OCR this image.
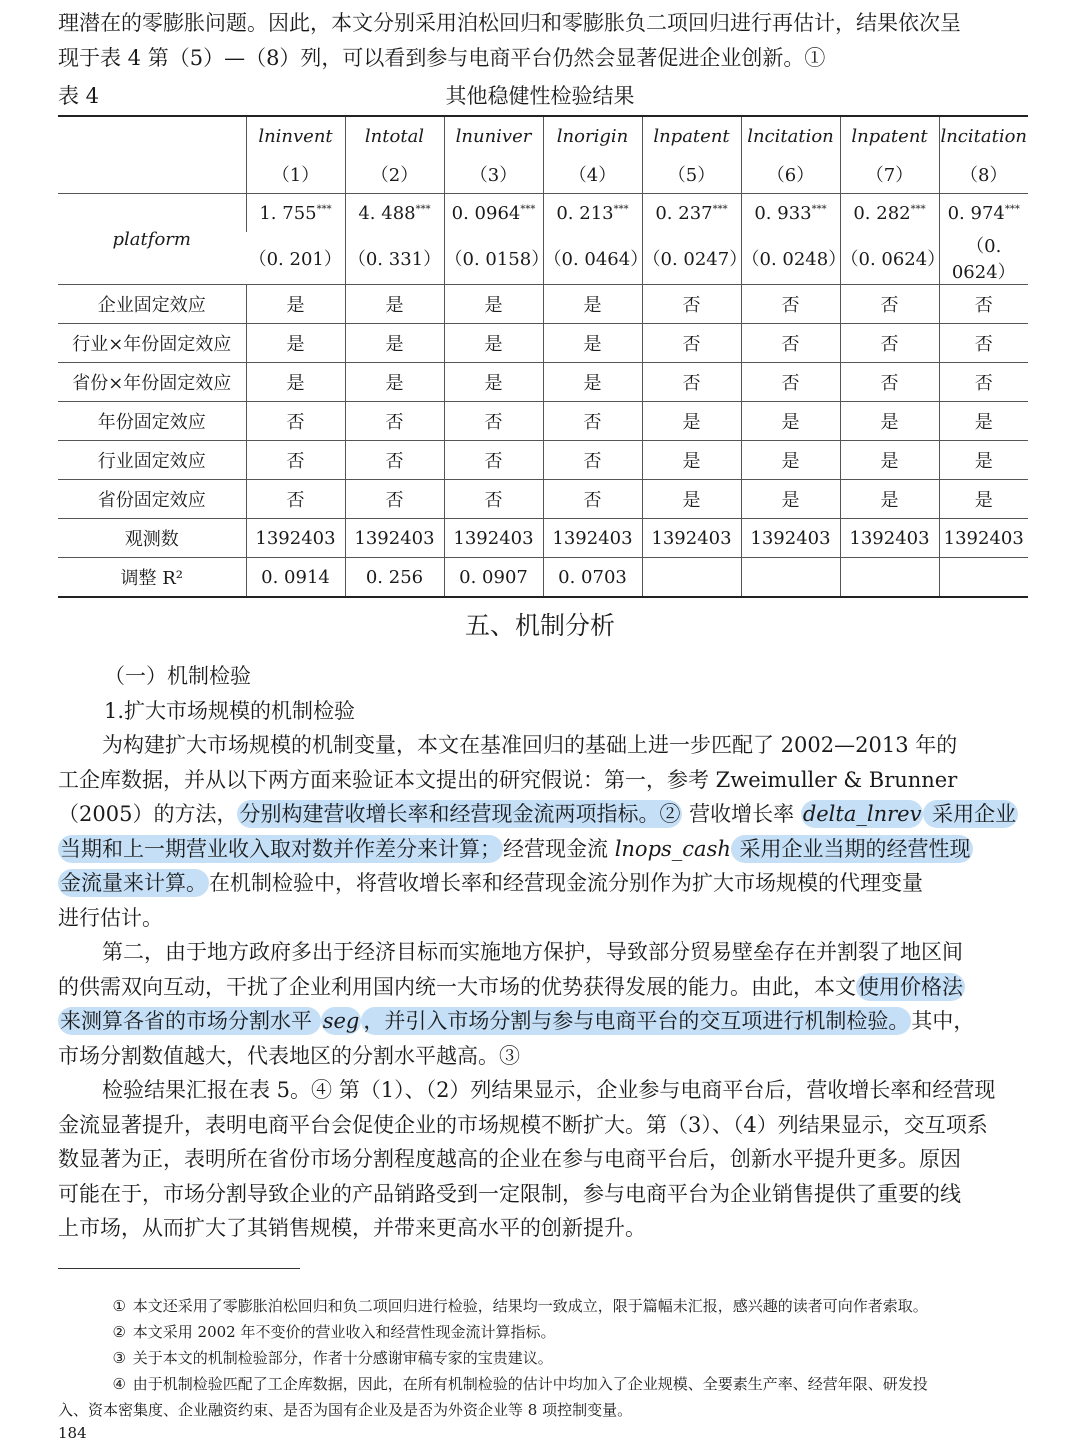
理潜在的零膨胀问题。因此，本文分别采用泊松回归和零膨胀负二项回归进行再估计，结果依次呈
现于表 4 第（5）—（8）列，可以看到参与电商平台仍然会显著促进企业创新。①

表 4	其他稳健性检验结果
	lninvent	lntotal	lnuniver	lnorigin	lnpatent	lncitation	lnpatent	lncitation
	（1）	（2）	（3）	（4）	（5）	（6）	（7）	（8）
platform	1. 755***	4. 488***	0. 0964***	0. 213***	0. 237***	0. 933***	0. 282***	0. 974***
	（0. 201）	（0. 331）	（0. 0158）	（0. 0464）	（0. 0247）	（0. 0248）	（0. 0624）	（0. 0624）
企业固定效应	是	是	是	是	否	否	否	否
行业×年份固定效应	是	是	是	是	否	否	否	否
省份×年份固定效应	是	是	是	是	否	否	否	否
年份固定效应	否	否	否	否	是	是	是	是
行业固定效应	否	否	否	否	是	是	是	是
省份固定效应	否	否	否	否	是	是	是	是
观测数	1392403	1392403	1392403	1392403	1392403	1392403	1392403	1392403
调整 R²	0. 0914	0. 256	0. 0907	0. 0703				
五、机制分析
（一）机制检验
1.扩大市场规模的机制检验

为构建扩大市场规模的机制变量，本文在基准回归的基础上进一步匹配了 2002—2013 年的
工企库数据，并从以下两方面来验证本文提出的研究假说：第一，参考 Zweimuller & Brunner
（2005）的方法，分别构建营收增长率和经营现金流两项指标。② 营收增长率 delta_lnrev 采用企业
当期和上一期营业收入取对数并作差分来计算；经营现金流 lnops_cash 采用企业当期的经营性现
金流量来计算。在机制检验中，将营收增长率和经营现金流分别作为扩大市场规模的代理变量
进行估计。

第二，由于地方政府多出于经济目标而实施地方保护，导致部分贸易壁垒存在并割裂了地区间
的供需双向互动，干扰了企业利用国内统一大市场的优势获得发展的能力。由此，本文使用价格法
来测算各省的市场分割水平 seg ，并引入市场分割与参与电商平台的交互项进行机制检验。其中，
市场分割数值越大，代表地区的分割水平越高。③

检验结果汇报在表 5。④ 第（1）、（2）列结果显示，企业参与电商平台后，营收增长率和经营现
金流显著提升，表明电商平台会促使企业的市场规模不断扩大。第（3）、（4）列结果显示，交互项系
数显著为正，表明所在省份市场分割程度越高的企业在参与电商平台后，创新水平提升更多。原因
可能在于，市场分割导致企业的产品销路受到一定限制，参与电商平台为企业销售提供了重要的线
上市场，从而扩大了其销售规模，并带来更高水平的创新提升。

① 本文还采用了零膨胀泊松回归和负二项回归进行检验，结果均一致成立，限于篇幅未汇报，感兴趣的读者可向作者索取。
② 本文采用 2002 年不变价的营业收入和经营性现金流计算指标。
③ 关于本文的机制检验部分，作者十分感谢审稿专家的宝贵建议。
④ 由于机制检验匹配了工企库数据，因此，在所有机制检验的估计中均加入了企业规模、全要素生产率、经营年限、研发投
入、资本密集度、企业融资约束、是否为国有企业及是否为外资企业等 8 项控制变量。
184
